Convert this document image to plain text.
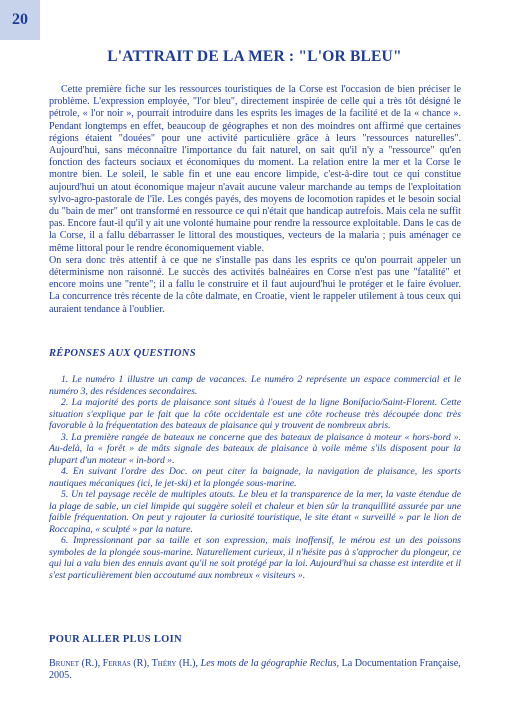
20
L'ATTRAIT DE LA MER : "L'OR BLEU"

Cette première fiche sur les ressources touristiques de la Corse est l'occasion de bien préciser le problème. L'expression employée, "l'or bleu", directement inspirée de celle qui a très tôt désigné le pétrole, « l'or noir », pourrait introduire dans les esprits les images de la facilité et de la « chance ». Pendant longtemps en effet, beaucoup de géographes et non des moindres ont affirmé que certaines régions étaient "douées" pour une activité particulière grâce à leurs "ressources naturelles". Aujourd'hui, sans méconnaître l'importance du fait naturel, on sait qu'il n'y a "ressource" qu'en fonction des facteurs sociaux et économiques du moment. La relation entre la mer et la Corse le montre bien. Le soleil, le sable fin et une eau encore limpide, c'est-à-dire tout ce qui constitue aujourd'hui un atout économique majeur n'avait aucune valeur marchande au temps de l'exploitation sylvo-agro-pastorale de l'île. Les congés payés, des moyens de locomotion rapides et le besoin social du "bain de mer" ont transformé en ressource ce qui n'était que handicap autrefois. Mais cela ne suffit pas. Encore faut-il qu'il y ait une volonté humaine pour rendre la ressource exploitable. Dans le cas de la Corse, il a fallu débarrasser le littoral des moustiques, vecteurs de la malaria ; puis aménager ce même littoral pour le rendre économiquement viable.

On sera donc très attentif à ce que ne s'installe pas dans les esprits ce qu'on pourrait appeler un déterminisme non raisonné. Le succès des activités balnéaires en Corse n'est pas une "fatalité" et encore moins une "rente"; il a fallu le construire et il faut aujourd'hui le protéger et le faire évoluer. La concurrence très récente de la côte dalmate, en Croatie, vient le rappeler utilement à tous ceux qui auraient tendance à l'oublier.

RÉPONSES AUX QUESTIONS

1. Le numéro 1 illustre un camp de vacances. Le numéro 2 représente un espace commercial et le numéro 3, des résidences secondaires.

2. La majorité des ports de plaisance sont situés à l'ouest de la ligne Bonifacio/Saint-Florent. Cette situation s'explique par le fait que la côte occidentale est une côte rocheuse très découpée donc très favorable à la fréquentation des bateaux de plaisance qui y trouvent de nombreux abris.

3. La première rangée de bateaux ne concerne que des bateaux de plaisance à moteur « hors-bord ». Au-delà, la « forêt » de mâts signale des bateaux de plaisance à voile même s'ils disposent pour la plupart d'un moteur « in-bord ».

4. En suivant l'ordre des Doc. on peut citer la baignade, la navigation de plaisance, les sports nautiques mécaniques (ici, le jet-ski) et la plongée sous-marine.

5. Un tel paysage recèle de multiples atouts. Le bleu et la transparence de la mer, la vaste étendue de la plage de sable, un ciel limpide qui suggère soleil et chaleur et bien sûr la tranquillité assurée par une faible fréquentation. On peut y rajouter la curiosité touristique, le site étant « surveillé » par le lion de Roccapina, « sculpté » par la nature.

6. Impressionnant par sa taille et son expression, mais inoffensif, le mérou est un des poissons symboles de la plongée sous-marine. Naturellement curieux, il n'hésite pas à s'approcher du plongeur, ce qui lui a valu bien des ennuis avant qu'il ne soit protégé par la loi. Aujourd'hui sa chasse est interdite et il s'est particulièrement bien accoutumé aux nombreux « visiteurs ».

POUR ALLER PLUS LOIN
Brunet (R.), Ferras (R), Théry (H.), Les mots de la géographie Reclus, La Documentation Française, 2005.
